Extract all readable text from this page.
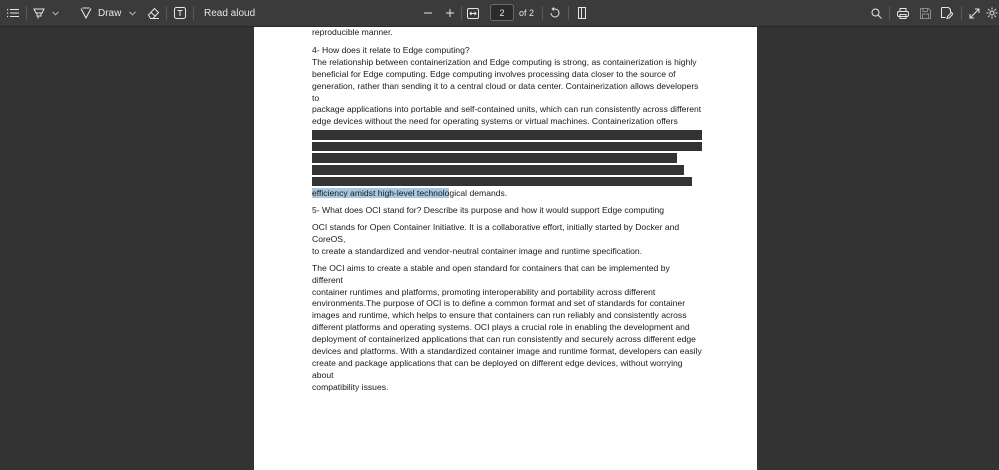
Draw	Read aloud
2	of 2

reproducible manner.

4- How does it relate to Edge computing?

The relationship between containerization and Edge computing is strong, as containerization is highly

beneficial for Edge computing. Edge computing involves processing data closer to the source of

generation, rather than sending it to a central cloud or data center. Containerization allows developers to

package applications into portable and self-contained units, which can run consistently across different

edge devices without the need for operating systems or virtual machines. Containerization offers

efficiency amidst high-level technological demands.

5- What does OCI stand for? Describe its purpose and how it would support Edge computing

OCI stands for Open Container Initiative. It is a collaborative effort, initially started by Docker and CoreOS,

to create a standardized and vendor-neutral container image and runtime specification.

The OCI aims to create a stable and open standard for containers that can be implemented by different

container runtimes and platforms, promoting interoperability and portability across different

environments.The purpose of OCI is to define a common format and set of standards for container

images and runtime, which helps to ensure that containers can run reliably and consistently across

different platforms and operating systems. OCI plays a crucial role in enabling the development and

deployment of containerized applications that can run consistently and securely across different edge

devices and platforms. With a standardized container image and runtime format, developers can easily

create and package applications that can be deployed on different edge devices, without worrying about

compatibility issues.
